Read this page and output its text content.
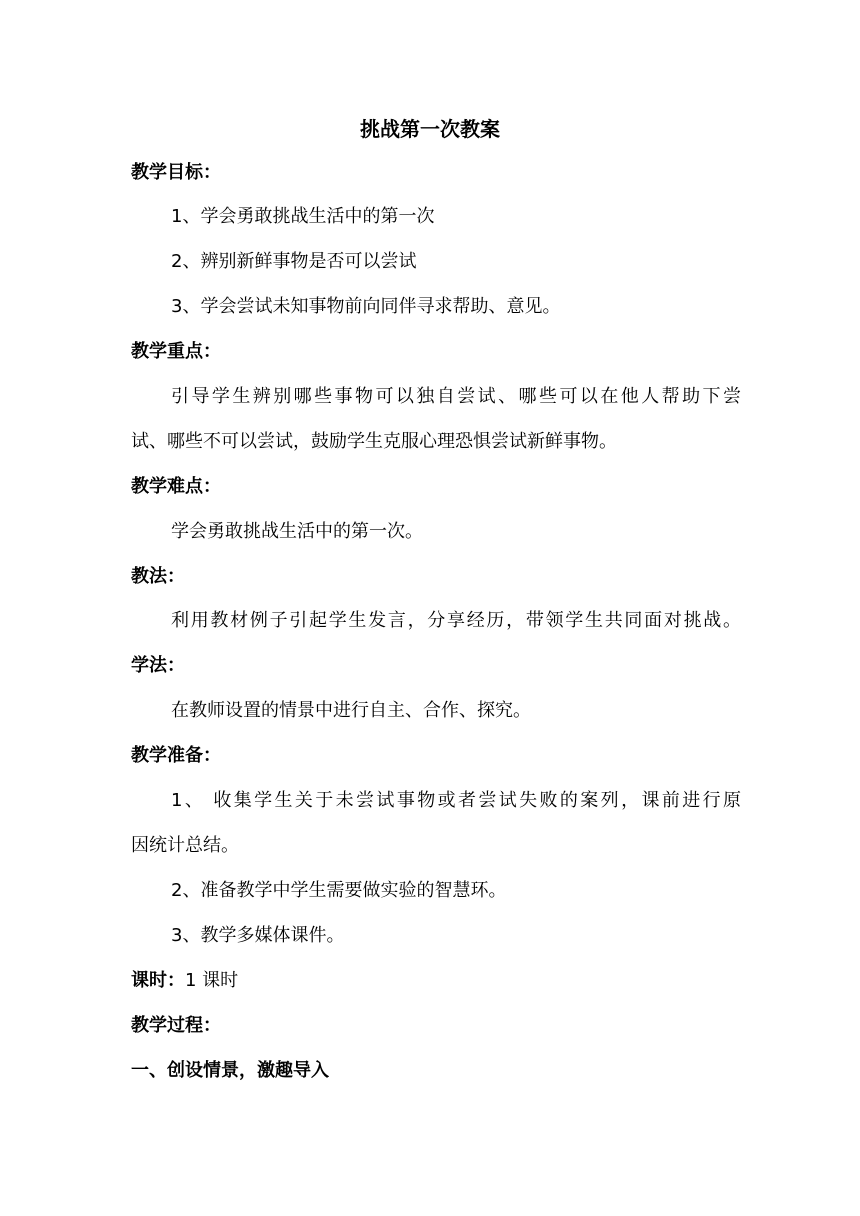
挑战第一次教案
教学目标：
1、学会勇敢挑战生活中的第一次
2、辨别新鲜事物是否可以尝试
3、学会尝试未知事物前向同伴寻求帮助、意见。
教学重点：
引导学生辨别哪些事物可以独自尝试、哪些可以在他人帮助下尝
试、哪些不可以尝试，鼓励学生克服心理恐惧尝试新鲜事物。
教学难点：
学会勇敢挑战生活中的第一次。
教法：
利用教材例子引起学生发言，分享经历，带领学生共同面对挑战。
学法：
在教师设置的情景中进行自主、合作、探究。
教学准备：
1、 收集学生关于未尝试事物或者尝试失败的案列，课前进行原
因统计总结。
2、准备教学中学生需要做实验的智慧环。
3、教学多媒体课件。
课时：1 课时
教学过程：
一、创设情景，激趣导入
